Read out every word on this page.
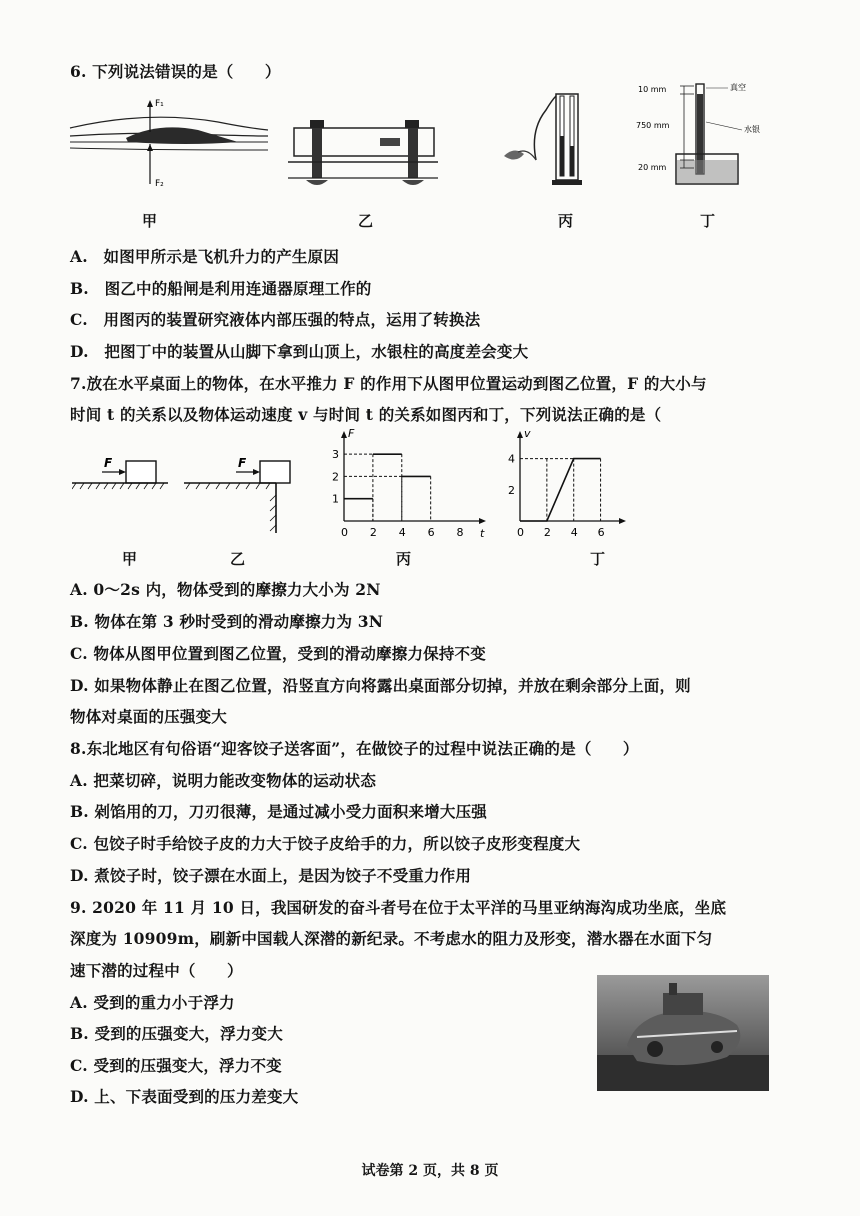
6. 下列说法错误的是（　　）
F₁
F₂
10 mm	真空
750 mm	水银
20 mm
甲	乙	丙	丁
A.　如图甲所示是飞机升力的产生原因
B.　图乙中的船闸是利用连通器原理工作的
C.　用图丙的装置研究液体内部压强的特点，运用了转换法
D.　把图丁中的装置从山脚下拿到山顶上，水银柱的高度差会变大
7.放在水平桌面上的物体，在水平推力 F 的作用下从图甲位置运动到图乙位置，F 的大小与
时间 t 的关系以及物体运动速度 v 与时间 t 的关系如图丙和丁，下列说法正确的是（
F	F
0 2 4 6 8
1
2
3
F
t	0 2 4 6
2
4
v
甲	乙	丙	丁
A. 0～2s 内，物体受到的摩擦力大小为 2N
B. 物体在第 3 秒时受到的滑动摩擦力为 3N
C. 物体从图甲位置到图乙位置，受到的滑动摩擦力保持不变
D. 如果物体静止在图乙位置，沿竖直方向将露出桌面部分切掉，并放在剩余部分上面，则
物体对桌面的压强变大
8.东北地区有句俗语“迎客饺子送客面”，在做饺子的过程中说法正确的是（　　）
A. 把菜切碎，说明力能改变物体的运动状态
B. 剁馅用的刀，刀刃很薄，是通过减小受力面积来增大压强
C. 包饺子时手给饺子皮的力大于饺子皮给手的力，所以饺子皮形变程度大
D. 煮饺子时，饺子漂在水面上，是因为饺子不受重力作用
9. 2020 年 11 月 10 日，我国研发的奋斗者号在位于太平洋的马里亚纳海沟成功坐底，坐底
深度为 10909m，刷新中国载人深潜的新纪录。不考虑水的阻力及形变，潜水器在水面下匀
速下潜的过程中（　　）
A. 受到的重力小于浮力
B. 受到的压强变大，浮力变大
C. 受到的压强变大，浮力不变
D. 上、下表面受到的压力差变大
试卷第 2 页，共 8 页
